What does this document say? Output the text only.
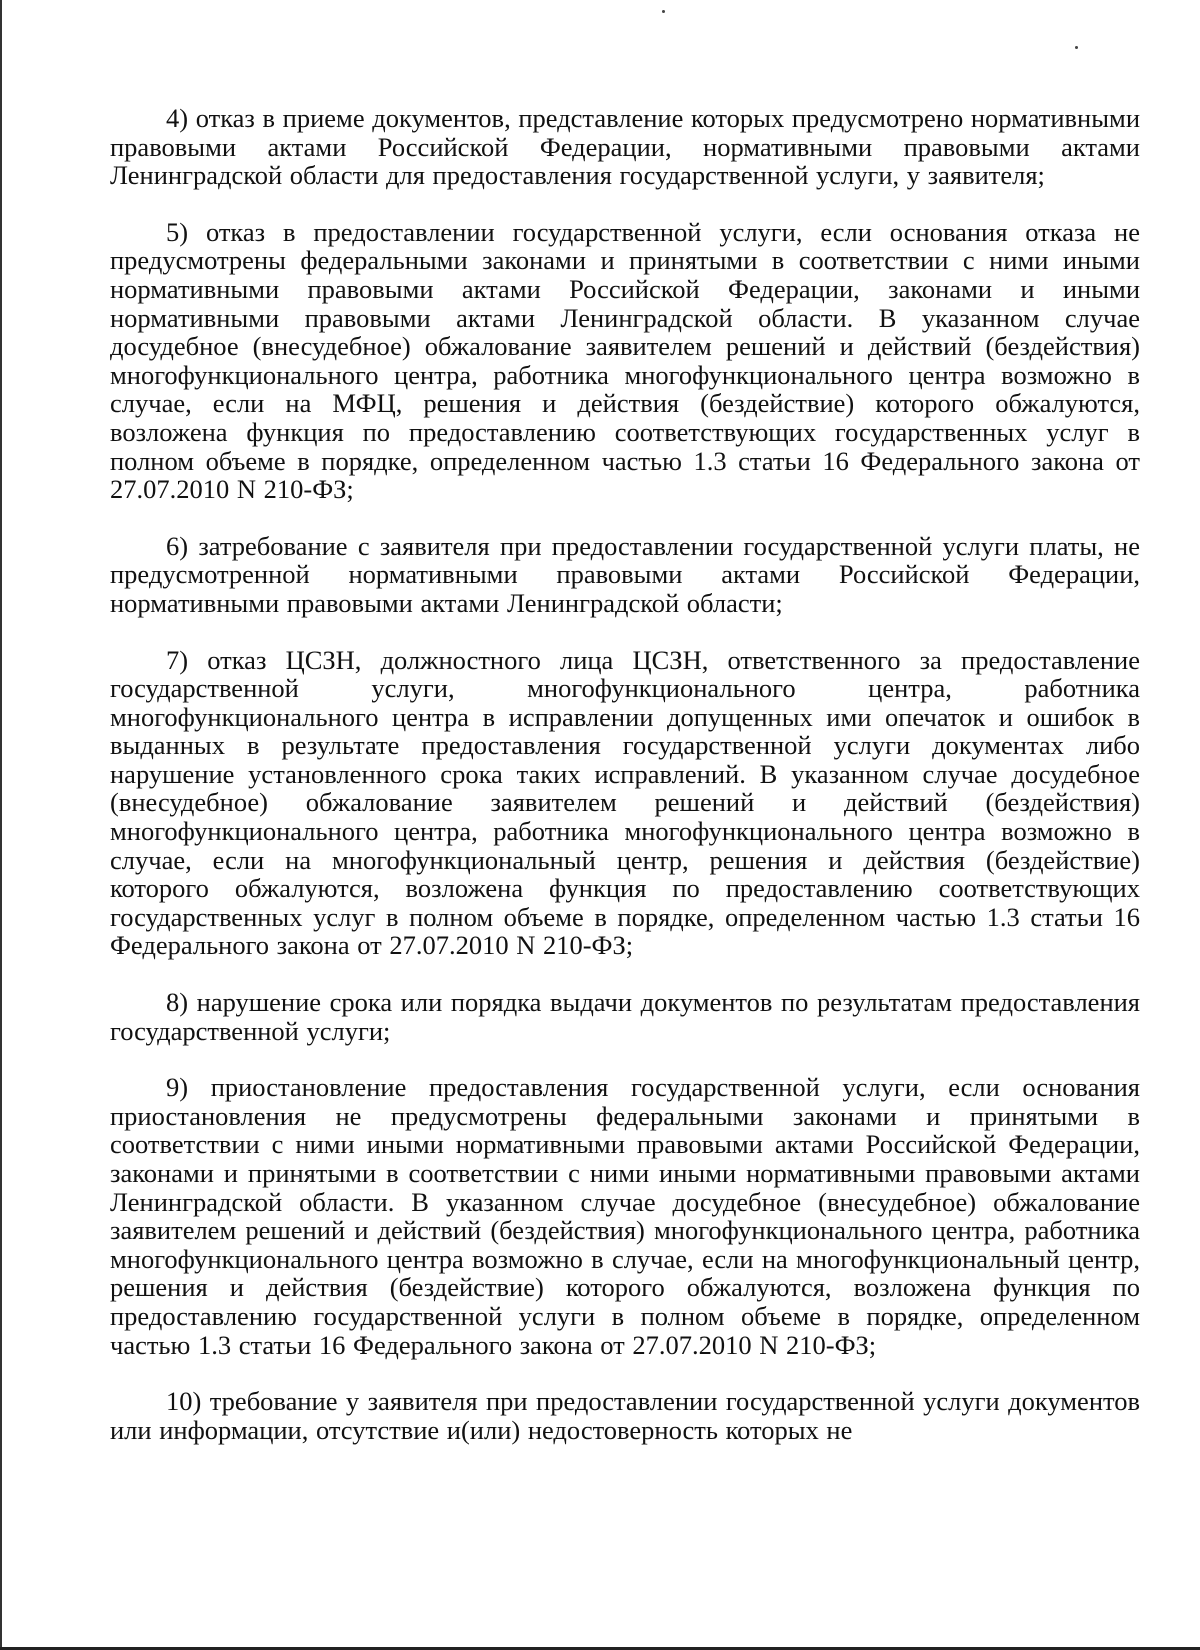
4) отказ в приеме документов, представление которых предусмотрено нормативными правовыми актами Российской Федерации, нормативными правовыми актами Ленинградской области для предоставления государственной услуги, у заявителя;

5) отказ в предоставлении государственной услуги, если основания отказа не предусмотрены федеральными законами и принятыми в соответствии с ними иными нормативными правовыми актами Российской Федерации, законами и иными нормативными правовыми актами Ленинградской области. В указанном случае досудебное (внесудебное) обжалование заявителем решений и действий (бездействия) многофункционального центра, работника многофункционального центра возможно в случае, если на МФЦ, решения и действия (бездействие) которого обжалуются, возложена функция по предоставлению соответствующих государственных услуг в полном объеме в порядке, определенном частью 1.3 статьи 16 Федерального закона от 27.07.2010 N 210-ФЗ;

6) затребование с заявителя при предоставлении государственной услуги платы, не предусмотренной нормативными правовыми актами Российской Федерации, нормативными правовыми актами Ленинградской области;

7) отказ ЦСЗН, должностного лица ЦСЗН, ответственного за предоставление государственной услуги, многофункционального центра, работника многофункционального центра в исправлении допущенных ими опечаток и ошибок в выданных в результате предоставления государственной услуги документах либо нарушение установленного срока таких исправлений. В указанном случае досудебное (внесудебное) обжалование заявителем решений и действий (бездействия) многофункционального центра, работника многофункционального центра возможно в случае, если на многофункциональный центр, решения и действия (бездействие) которого обжалуются, возложена функция по предоставлению соответствующих государственных услуг в полном объеме в порядке, определенном частью 1.3 статьи 16 Федерального закона от 27.07.2010 N 210-ФЗ;

8) нарушение срока или порядка выдачи документов по результатам предоставления государственной услуги;

9) приостановление предоставления государственной услуги, если основания приостановления не предусмотрены федеральными законами и принятыми в соответствии с ними иными нормативными правовыми актами Российской Федерации, законами и принятыми в соответствии с ними иными нормативными правовыми актами Ленинградской области. В указанном случае досудебное (внесудебное) обжалование заявителем решений и действий (бездействия) многофункционального центра, работника многофункционального центра возможно в случае, если на многофункциональный центр, решения и действия (бездействие) которого обжалуются, возложена функция по предоставлению государственной услуги в полном объеме в порядке, определенном частью 1.3 статьи 16 Федерального закона от 27.07.2010 N 210-ФЗ;

10) требование у заявителя при предоставлении государственной услуги документов или информации, отсутствие и(или) недостоверность которых не
